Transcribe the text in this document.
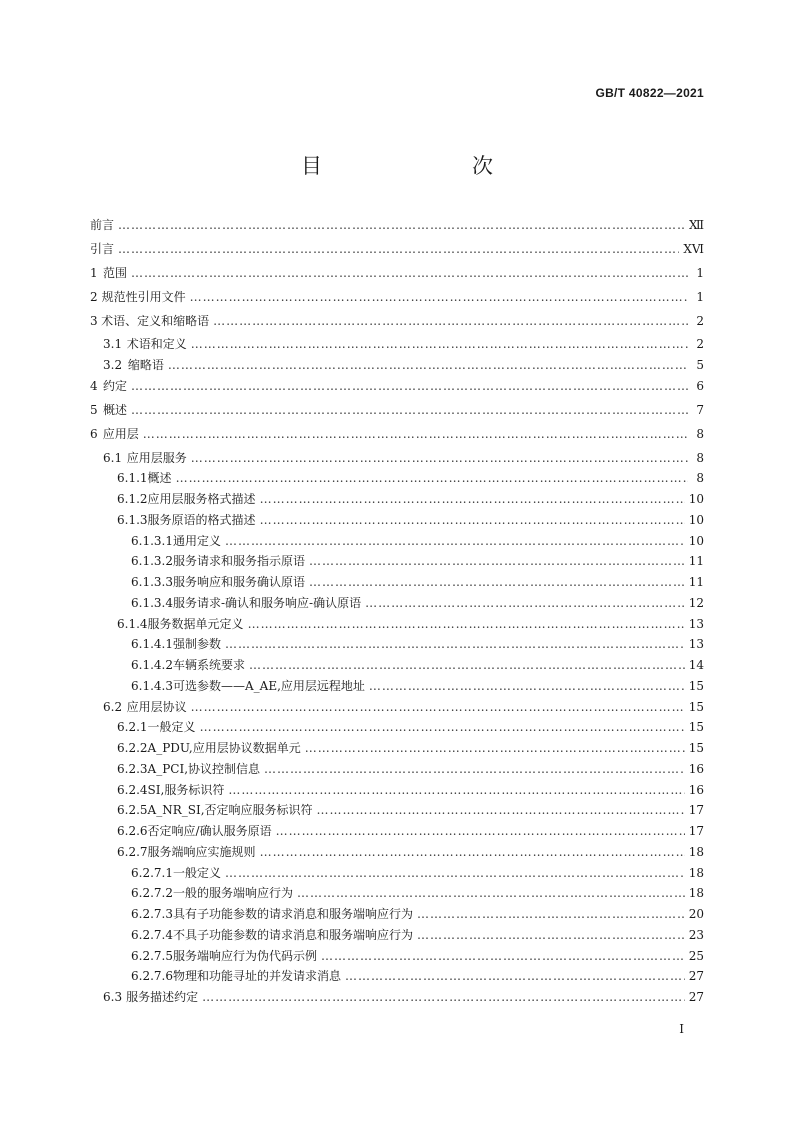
GB/T 40822—2021
目　　次
前言 ………………………………………………………………………………………………………………………………………………………………………………	Ⅻ
引言 ………………………………………………………………………………………………………………………………………………………………………………	ⅩⅥ
1 范围 ………………………………………………………………………………………………………………………………………………………………………………	1
2 规范性引用文件 ………………………………………………………………………………………………………………………………………………………………………………	1
3 术语、定义和缩略语 ………………………………………………………………………………………………………………………………………………………………………………	2
3.1 术语和定义 ………………………………………………………………………………………………………………………………………………………………………………	2
3.2 缩略语 ………………………………………………………………………………………………………………………………………………………………………………	5
4 约定 ………………………………………………………………………………………………………………………………………………………………………………	6
5 概述 ………………………………………………………………………………………………………………………………………………………………………………	7
6 应用层 ………………………………………………………………………………………………………………………………………………………………………………	8
6.1 应用层服务 ………………………………………………………………………………………………………………………………………………………………………………	8
6.1.1 概述 ………………………………………………………………………………………………………………………………………………………………………………	8
6.1.2 应用层服务格式描述 ………………………………………………………………………………………………………………………………………………………………………………	10
6.1.3 服务原语的格式描述 ………………………………………………………………………………………………………………………………………………………………………………	10
6.1.3.1 通用定义 ………………………………………………………………………………………………………………………………………………………………………………	10
6.1.3.2 服务请求和服务指示原语 ………………………………………………………………………………………………………………………………………………………………………………	11
6.1.3.3 服务响应和服务确认原语 ………………………………………………………………………………………………………………………………………………………………………………	11
6.1.3.4 服务请求-确认和服务响应-确认原语 ………………………………………………………………………………………………………………………………………………………………………………	12
6.1.4 服务数据单元定义 ………………………………………………………………………………………………………………………………………………………………………………	13
6.1.4.1 强制参数 ………………………………………………………………………………………………………………………………………………………………………………	13
6.1.4.2 车辆系统要求 ………………………………………………………………………………………………………………………………………………………………………………	14
6.1.4.3 可选参数——A_AE,应用层远程地址 ………………………………………………………………………………………………………………………………………………………………………………	15
6.2 应用层协议 ………………………………………………………………………………………………………………………………………………………………………………	15
6.2.1 一般定义 ………………………………………………………………………………………………………………………………………………………………………………	15
6.2.2 A_PDU,应用层协议数据单元 ………………………………………………………………………………………………………………………………………………………………………………	15
6.2.3 A_PCI,协议控制信息 ………………………………………………………………………………………………………………………………………………………………………………	16
6.2.4 SI,服务标识符 ………………………………………………………………………………………………………………………………………………………………………………	16
6.2.5 A_NR_SI,否定响应服务标识符 ………………………………………………………………………………………………………………………………………………………………………………	17
6.2.6 否定响应/确认服务原语 ………………………………………………………………………………………………………………………………………………………………………………	17
6.2.7 服务端响应实施规则 ………………………………………………………………………………………………………………………………………………………………………………	18
6.2.7.1 一般定义 ………………………………………………………………………………………………………………………………………………………………………………	18
6.2.7.2 一般的服务端响应行为 ………………………………………………………………………………………………………………………………………………………………………………	18
6.2.7.3 具有子功能参数的请求消息和服务端响应行为 ………………………………………………………………………………………………………………………………………………………………………………	20
6.2.7.4 不具子功能参数的请求消息和服务端响应行为 ………………………………………………………………………………………………………………………………………………………………………………	23
6.2.7.5 服务端响应行为伪代码示例 ………………………………………………………………………………………………………………………………………………………………………………	25
6.2.7.6 物理和功能寻址的并发请求消息 ………………………………………………………………………………………………………………………………………………………………………………	27
6.3 服务描述约定 ………………………………………………………………………………………………………………………………………………………………………………	27
Ⅰ
